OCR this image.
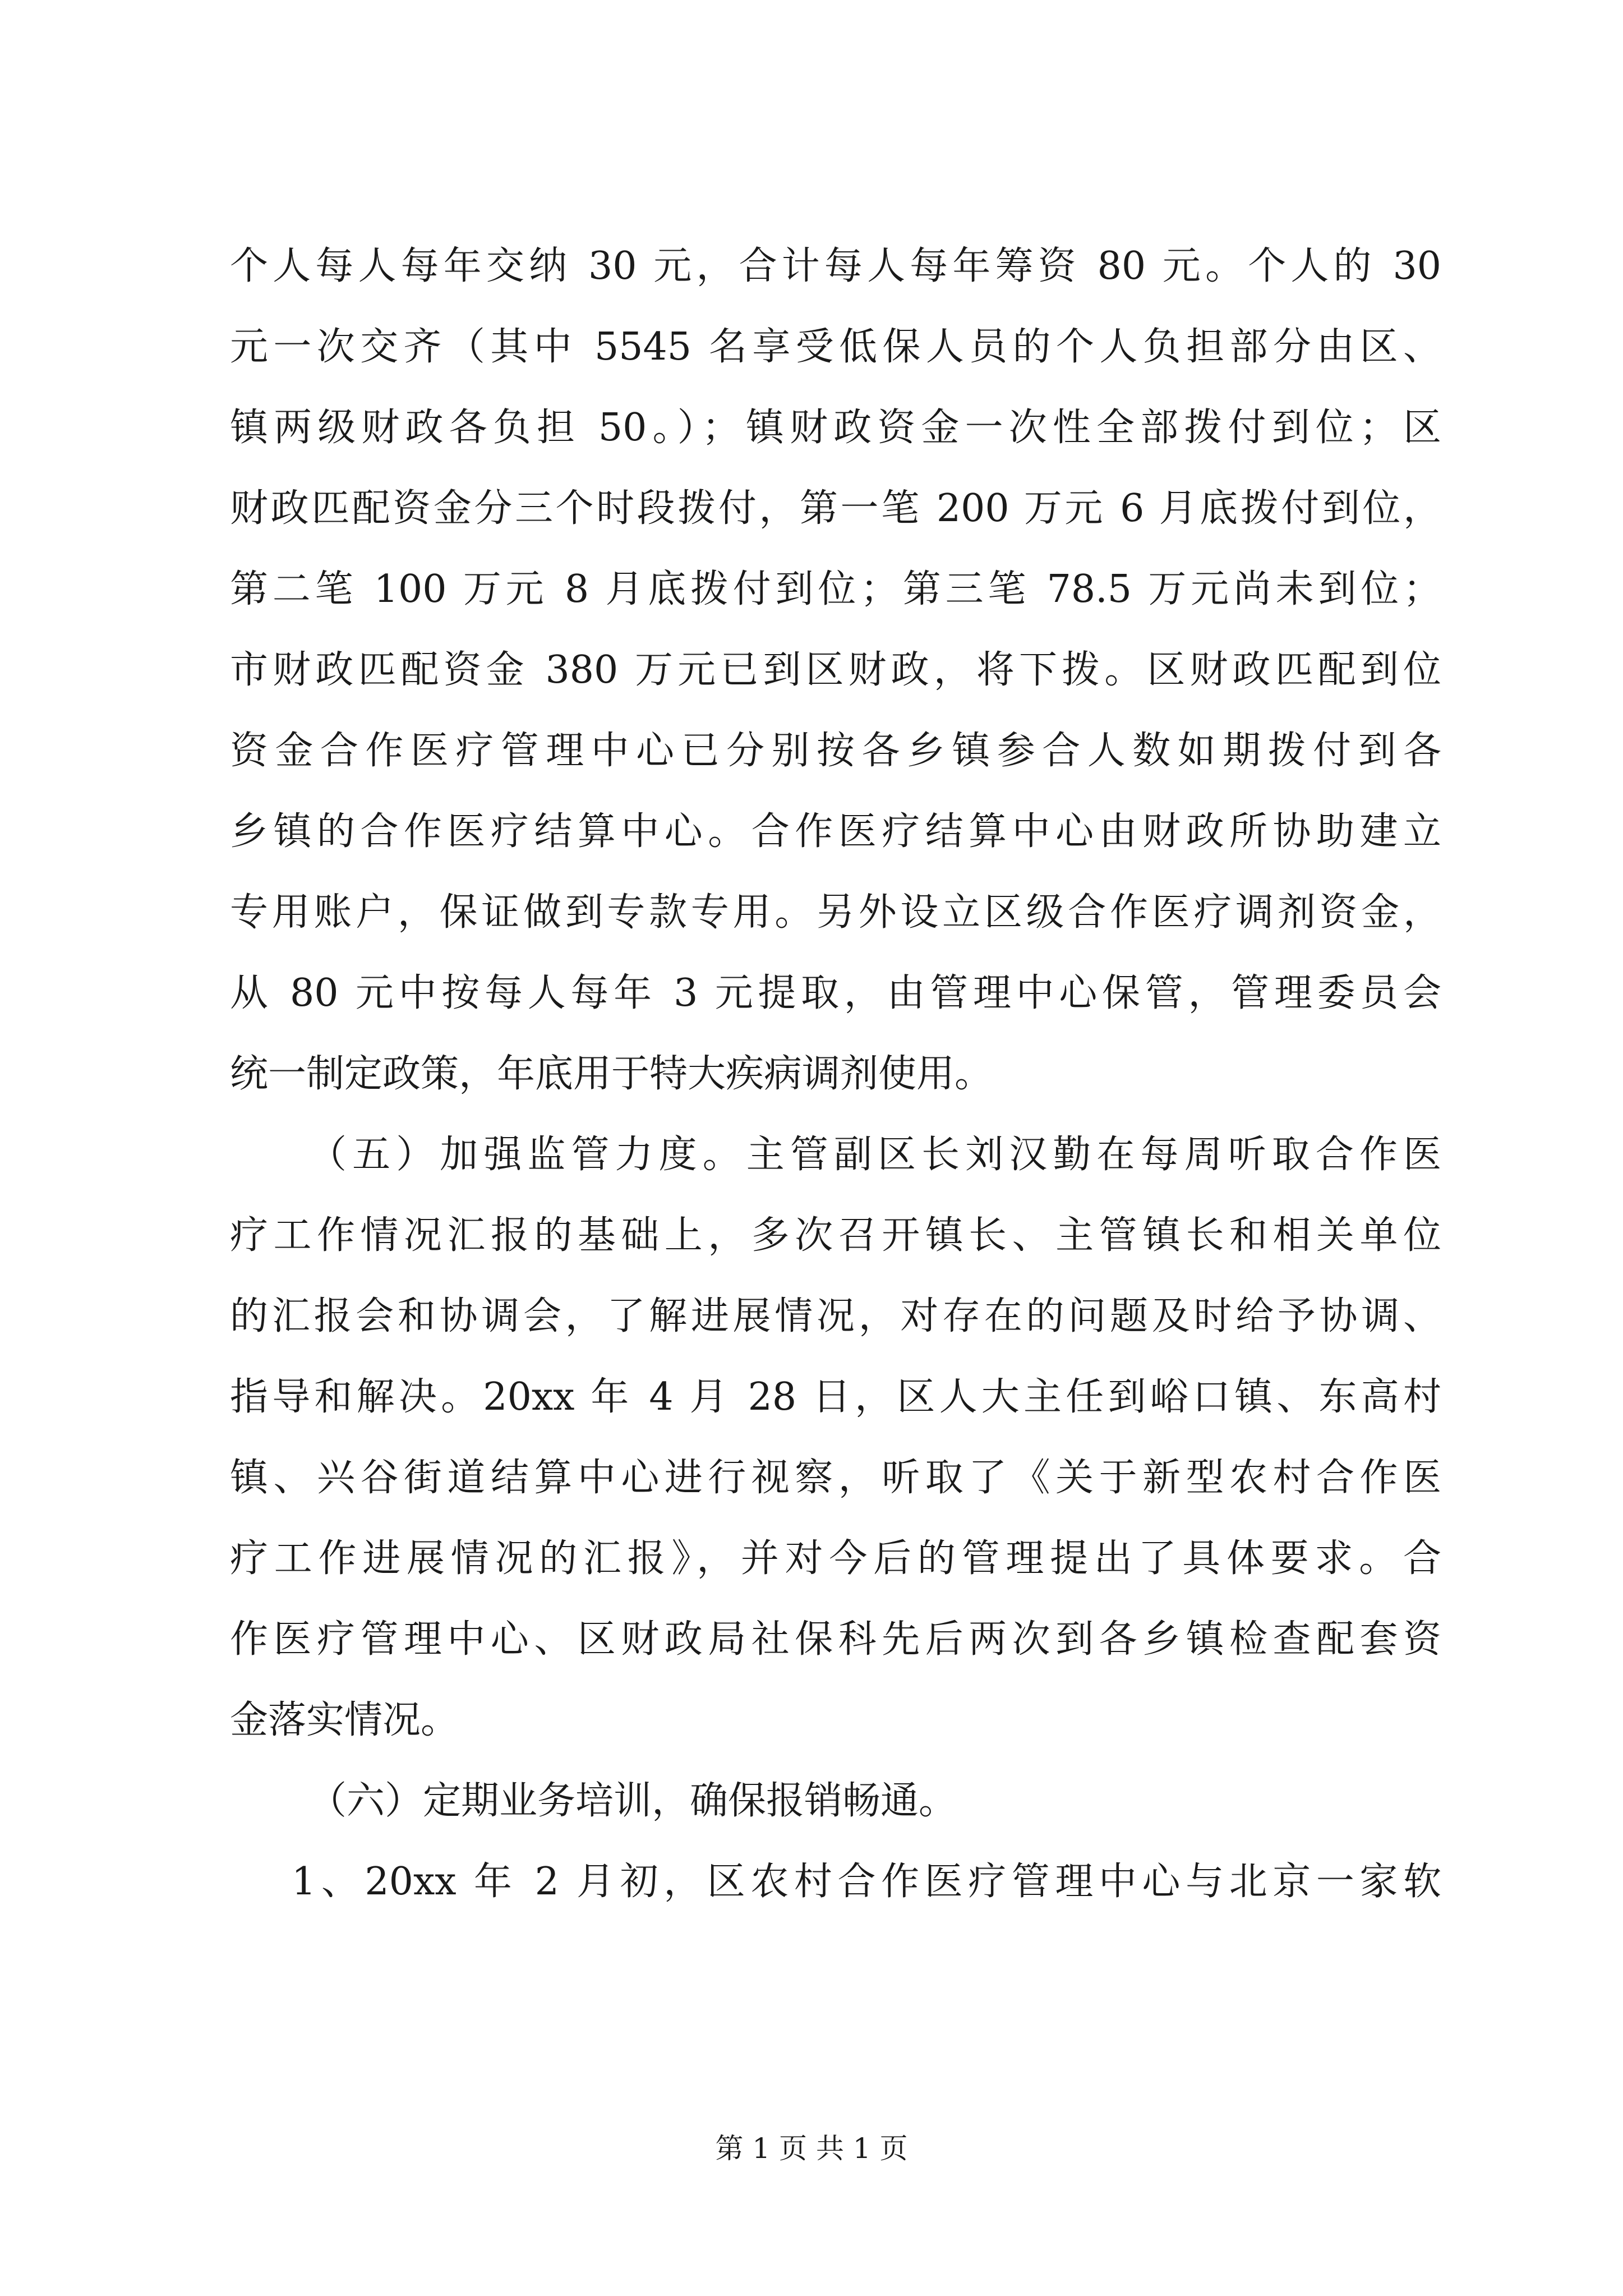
个人每人每年交纳 30 元，合计每人每年筹资 80 元。个人的 30
元一次交齐（其中 5545 名享受低保人员的个人负担部分由区、
镇两级财政各负担 50。）；镇财政资金一次性全部拨付到位；区
财政匹配资金分三个时段拨付，第一笔 200 万元 6 月底拨付到位，
第二笔 100 万元 8 月底拨付到位；第三笔 78.5 万元尚未到位；
市财政匹配资金 380 万元已到区财政，将下拨。区财政匹配到位
资金合作医疗管理中心已分别按各乡镇参合人数如期拨付到各
乡镇的合作医疗结算中心。合作医疗结算中心由财政所协助建立
专用账户，保证做到专款专用。另外设立区级合作医疗调剂资金，
从 80 元中按每人每年 3 元提取，由管理中心保管，管理委员会
统一制定政策，年底用于特大疾病调剂使用。
（五）加强监管力度。主管副区长刘汉勤在每周听取合作医
疗工作情况汇报的基础上，多次召开镇长、主管镇长和相关单位
的汇报会和协调会，了解进展情况，对存在的问题及时给予协调、
指导和解决。20xx 年 4 月 28 日，区人大主任到峪口镇、东高村
镇、兴谷街道结算中心进行视察，听取了《关于新型农村合作医
疗工作进展情况的汇报》，并对今后的管理提出了具体要求。合
作医疗管理中心、区财政局社保科先后两次到各乡镇检查配套资
金落实情况。
（六）定期业务培训，确保报销畅通。
1、20xx 年 2 月初，区农村合作医疗管理中心与北京一家软
第 1 页 共 1 页
